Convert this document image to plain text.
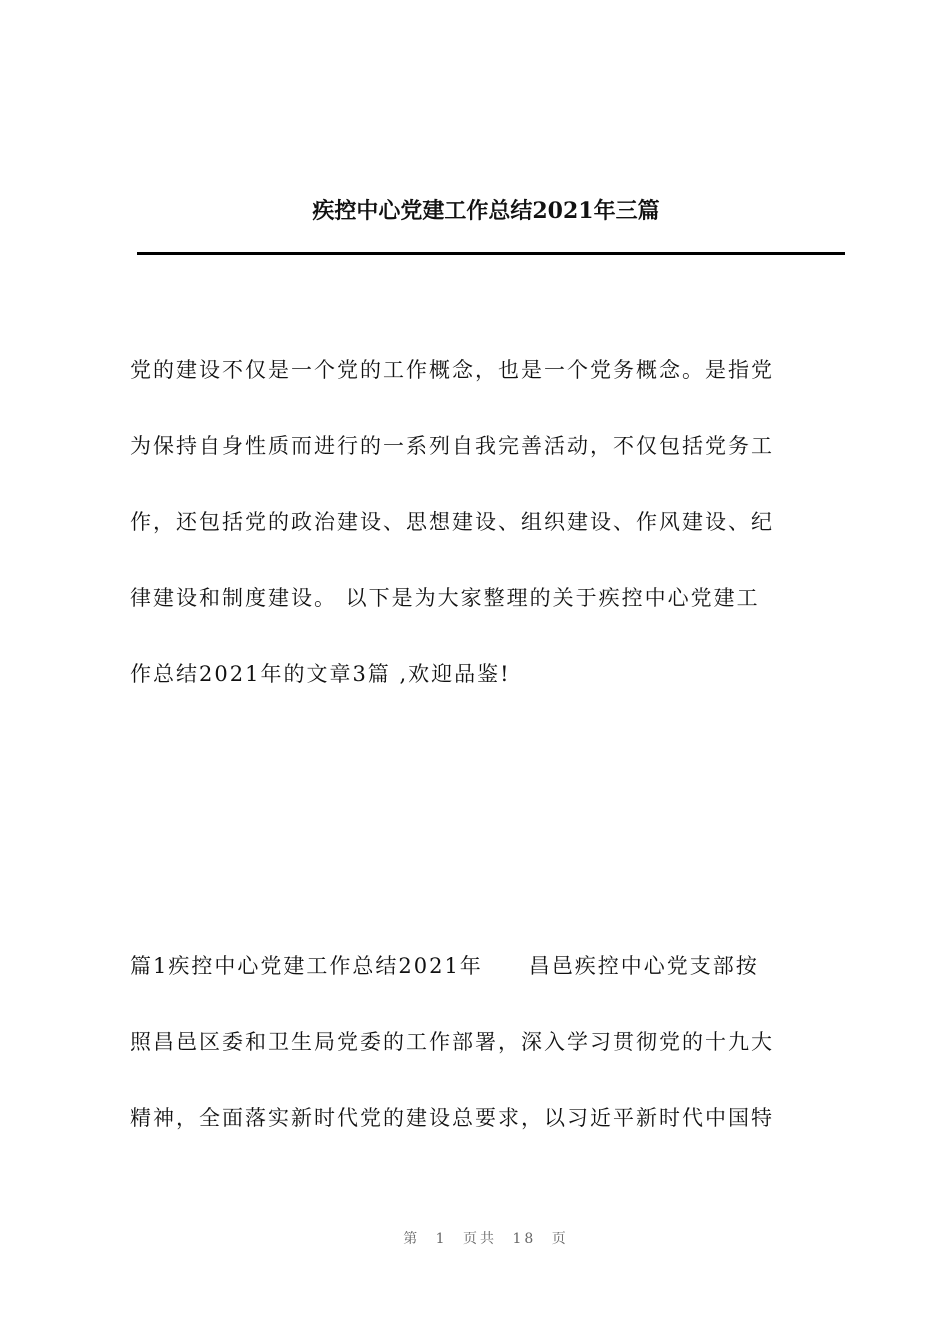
疾控中心党建工作总结2021年三篇
党的建设不仅是一个党的工作概念，也是一个党务概念。是指党
为保持自身性质而进行的一系列自我完善活动，不仅包括党务工
作，还包括党的政治建设、思想建设、组织建设、作风建设、纪
律建设和制度建设。 以下是为大家整理的关于疾控中心党建工
作总结2021年的文章3篇 ,欢迎品鉴!
篇1疾控中心党建工作总结2021年　　昌邑疾控中心党支部按
照昌邑区委和卫生局党委的工作部署，深入学习贯彻党的十九大
精神，全面落实新时代党的建设总要求，以习近平新时代中国特
第 1 页共 18 页
